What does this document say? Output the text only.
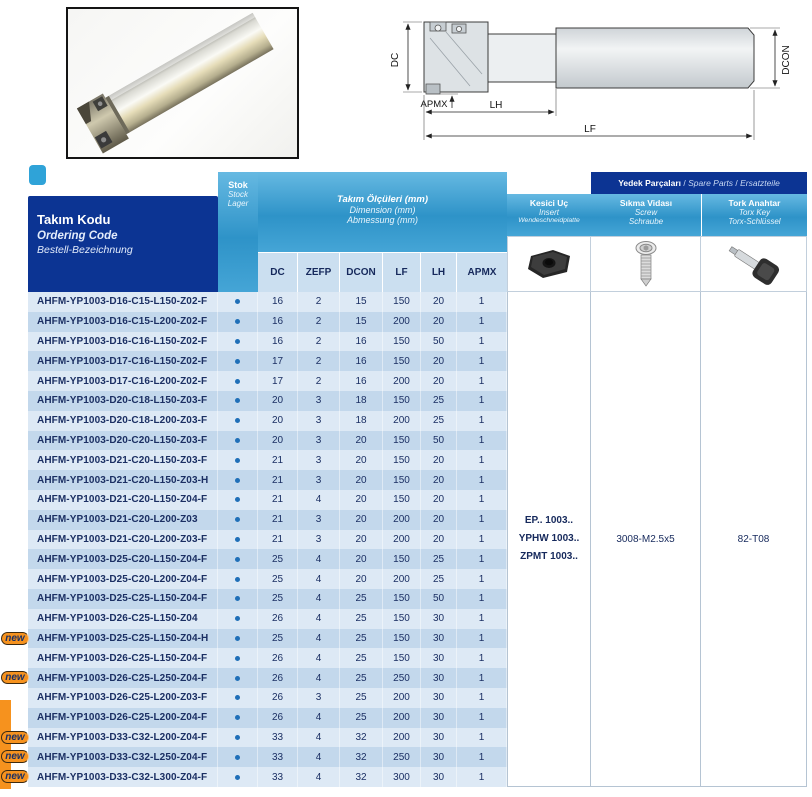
DC	DCON
APMX	LH
LF
Takım Kodu
Ordering Code
Bestell-Bezeichnung
Stok
Stock
Lager	Takım Ölçüleri (mm)
Dimension (mm)
Abmessung (mm)
DC	ZEFP	DCON	LF	LH	APMX
Yedek Parçaları / Spare Parts / Ersatzteile
Kesici Uç
Insert
Wendeschneidplatte
Sıkma Vidası
Screw
Schraube
Tork Anahtar
Torx Key
Torx-Schlüssel
AHFM-YP1003-D16-C15-L150-Z02-F	16	2	15	150	20	1
AHFM-YP1003-D16-C15-L200-Z02-F	16	2	15	200	20	1
AHFM-YP1003-D16-C16-L150-Z02-F	16	2	16	150	50	1
AHFM-YP1003-D17-C16-L150-Z02-F	17	2	16	150	20	1
AHFM-YP1003-D17-C16-L200-Z02-F	17	2	16	200	20	1
AHFM-YP1003-D20-C18-L150-Z03-F	20	3	18	150	25	1
AHFM-YP1003-D20-C18-L200-Z03-F	20	3	18	200	25	1
AHFM-YP1003-D20-C20-L150-Z03-F	20	3	20	150	50	1
AHFM-YP1003-D21-C20-L150-Z03-F	21	3	20	150	20	1
AHFM-YP1003-D21-C20-L150-Z03-H	21	3	20	150	20	1
AHFM-YP1003-D21-C20-L150-Z04-F	21	4	20	150	20	1
AHFM-YP1003-D21-C20-L200-Z03	21	3	20	200	20	1
AHFM-YP1003-D21-C20-L200-Z03-F	21	3	20	200	20	1
AHFM-YP1003-D25-C20-L150-Z04-F	25	4	20	150	25	1
AHFM-YP1003-D25-C20-L200-Z04-F	25	4	20	200	25	1
AHFM-YP1003-D25-C25-L150-Z04-F	25	4	25	150	50	1
AHFM-YP1003-D26-C25-L150-Z04	26	4	25	150	30	1
AHFM-YP1003-D25-C25-L150-Z04-H	25	4	25	150	30	1
new
AHFM-YP1003-D26-C25-L150-Z04-F	26	4	25	150	30	1
AHFM-YP1003-D26-C25-L250-Z04-F	26	4	25	250	30	1
new
AHFM-YP1003-D26-C25-L200-Z03-F	26	3	25	200	30	1
AHFM-YP1003-D26-C25-L200-Z04-F	26	4	25	200	30	1
AHFM-YP1003-D33-C32-L200-Z04-F	33	4	32	200	30	1
new
AHFM-YP1003-D33-C32-L250-Z04-F	33	4	32	250	30	1
new
AHFM-YP1003-D33-C32-L300-Z04-F	33	4	32	300	30	1
new
EP.. 1003..
YPHW 1003..
ZPMT 1003..
3008-M2.5x5	82-T08
